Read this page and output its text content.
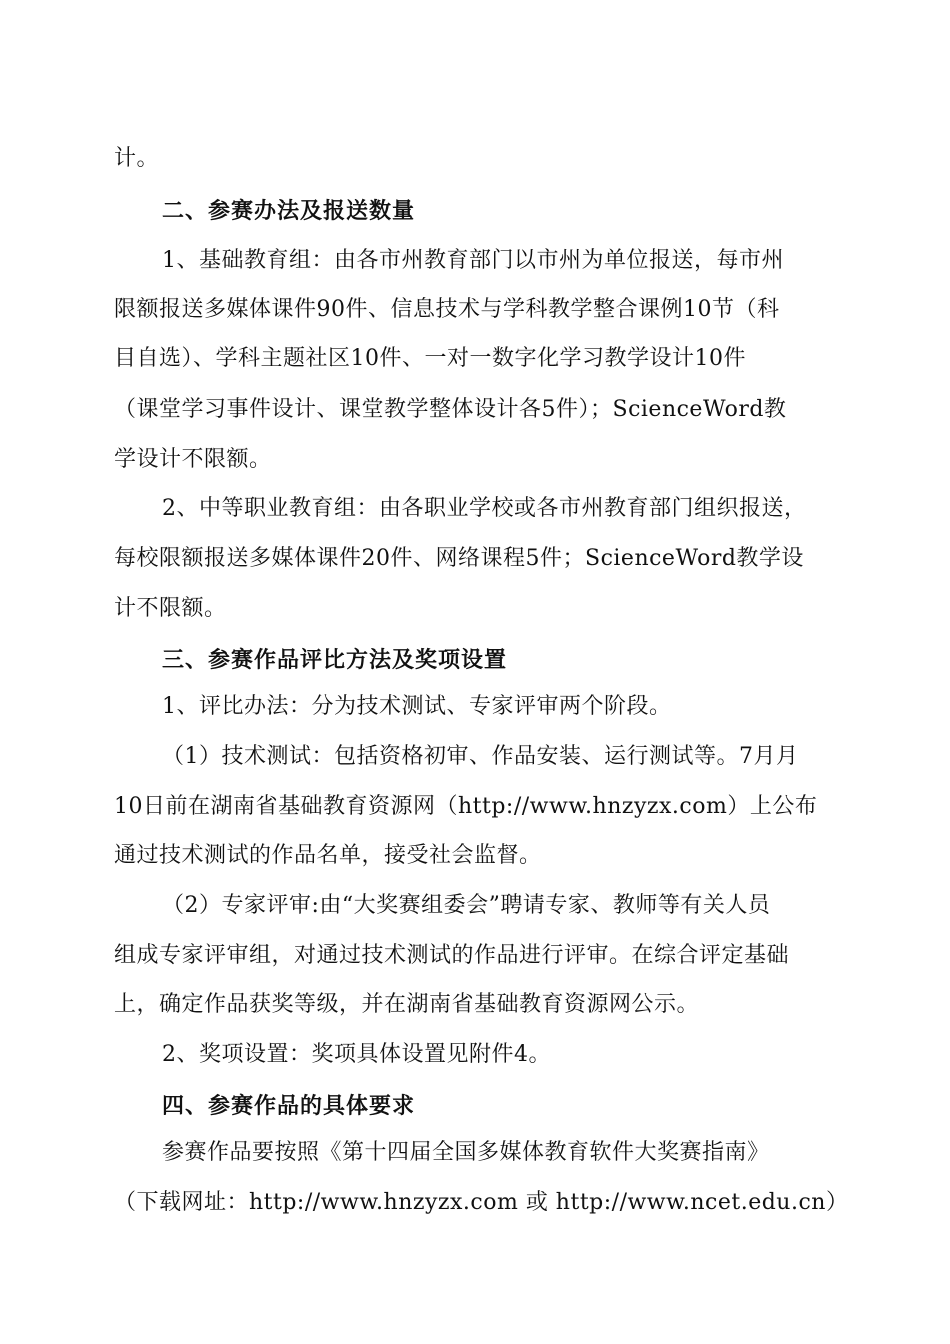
计。
二、参赛办法及报送数量
1、基础教育组：由各市州教育部门以市州为单位报送，每市州
限额报送多媒体课件90件、信息技术与学科教学整合课例10节（科
目自选）、学科主题社区10件、一对一数字化学习教学设计10件
（课堂学习事件设计、课堂教学整体设计各5件）；ScienceWord教
学设计不限额。
2、中等职业教育组：由各职业学校或各市州教育部门组织报送，
每校限额报送多媒体课件20件、网络课程5件；ScienceWord教学设
计不限额。
三、参赛作品评比方法及奖项设置
1、评比办法：分为技术测试、专家评审两个阶段。
（1）技术测试：包括资格初审、作品安装、运行测试等。7月月
10日前在湖南省基础教育资源网（http://www.hnzyzx.com）上公布
通过技术测试的作品名单，接受社会监督。
（2）专家评审:由“大奖赛组委会”聘请专家、教师等有关人员
组成专家评审组，对通过技术测试的作品进行评审。在综合评定基础
上，确定作品获奖等级，并在湖南省基础教育资源网公示。
2、奖项设置：奖项具体设置见附件4。
四、参赛作品的具体要求
参赛作品要按照《第十四届全国多媒体教育软件大奖赛指南》
（下载网址：http://www.hnzyzx.com 或 http://www.ncet.edu.cn）
